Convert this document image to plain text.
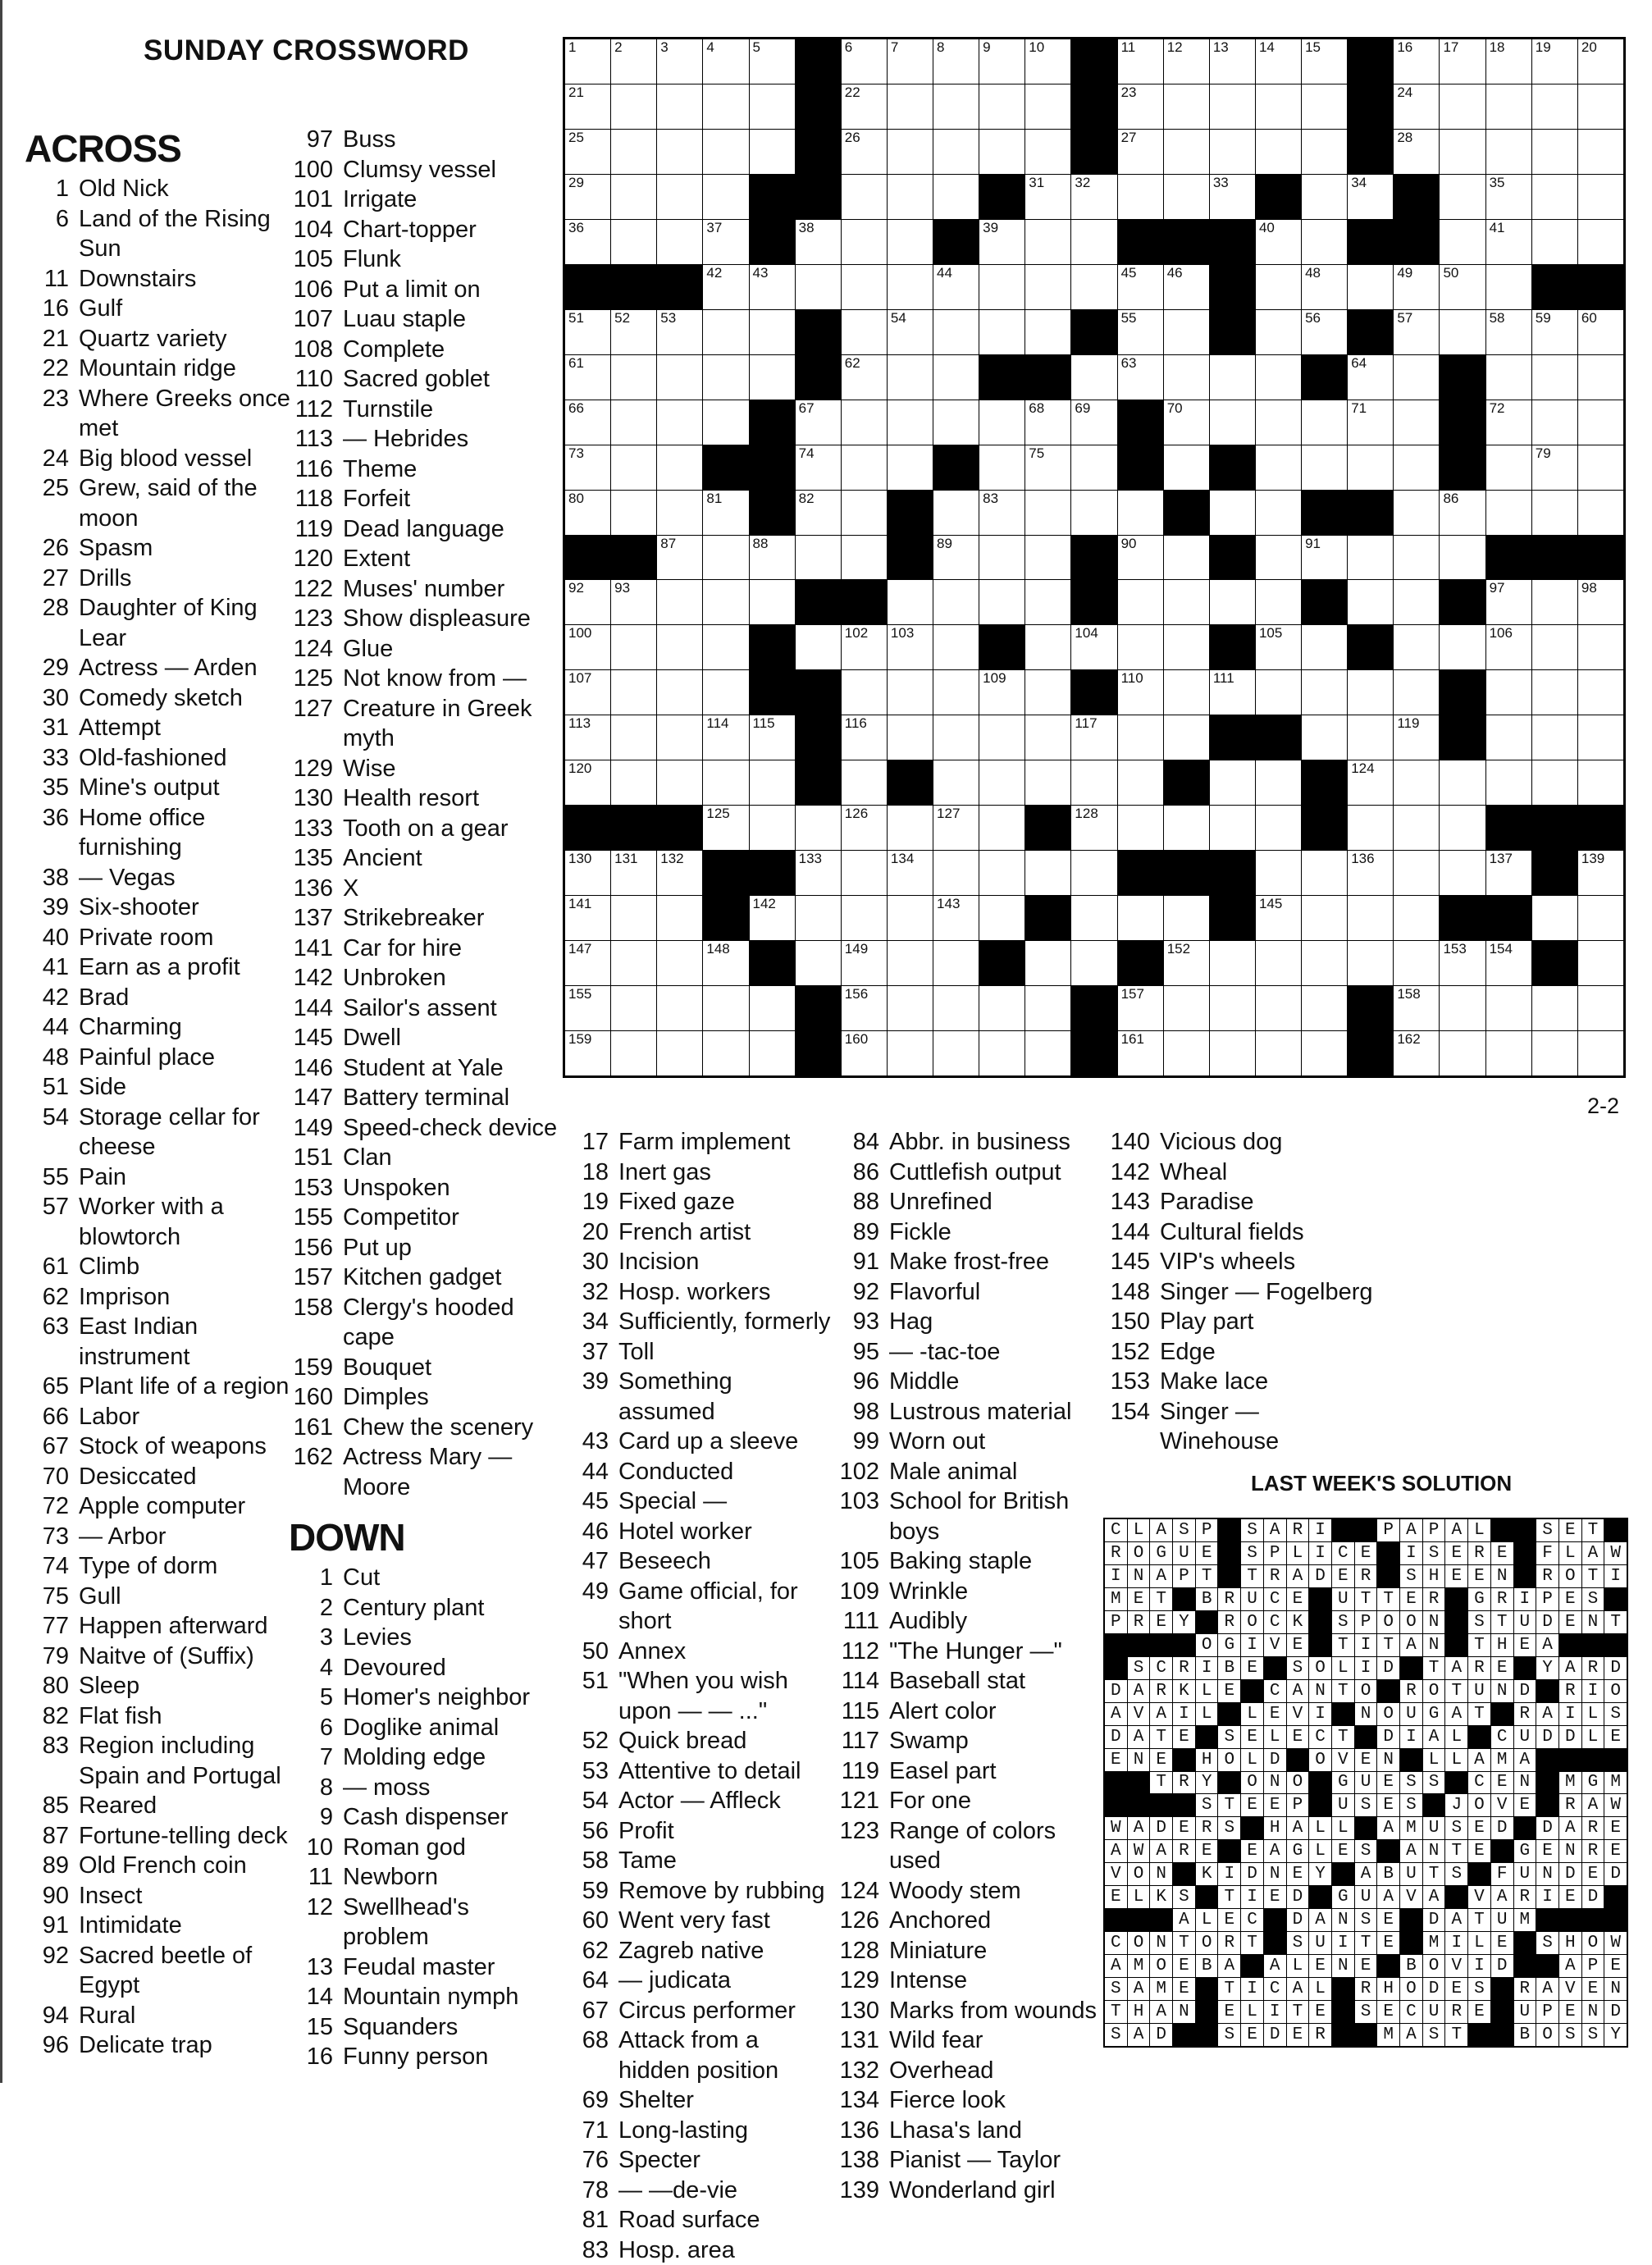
SUNDAY CROSSWORD
ACROSS
1 Old Nick
6 Land of the Rising Sun
11 Downstairs
16 Gulf
21 Quartz variety
22 Mountain ridge
23 Where Greeks once met
24 Big blood vessel
25 Grew, said of the moon
26 Spasm
27 Drills
28 Daughter of King Lear
29 Actress — Arden
30 Comedy sketch
31 Attempt
33 Old-fashioned
35 Mine's output
36 Home office furnishing
38 — Vegas
39 Six-shooter
40 Private room
41 Earn as a profit
42 Brad
44 Charming
48 Painful place
51 Side
54 Storage cellar for cheese
55 Pain
57 Worker with a blowtorch
61 Climb
62 Imprison
63 East Indian instrument
65 Plant life of a region
66 Labor
67 Stock of weapons
70 Desiccated
72 Apple computer
73 — Arbor
74 Type of dorm
75 Gull
77 Happen afterward
79 Naitve of (Suffix)
80 Sleep
82 Flat fish
83 Region including Spain and Portugal
85 Reared
87 Fortune-telling deck
89 Old French coin
90 Insect
91 Intimidate
92 Sacred beetle of Egypt
94 Rural
96 Delicate trap
97 Buss
100 Clumsy vessel
101 Irrigate
104 Chart-topper
105 Flunk
106 Put a limit on
107 Luau staple
108 Complete
110 Sacred goblet
112 Turnstile
113 — Hebrides
116 Theme
118 Forfeit
119 Dead language
120 Extent
122 Muses' number
123 Show displeasure
124 Glue
125 Not know from —
127 Creature in Greek myth
129 Wise
130 Health resort
133 Tooth on a gear
135 Ancient
136 X
137 Strikebreaker
141 Car for hire
142 Unbroken
144 Sailor's assent
145 Dwell
146 Student at Yale
147 Battery terminal
149 Speed-check device
151 Clan
153 Unspoken
155 Competitor
156 Put up
157 Kitchen gadget
158 Clergy's hooded cape
159 Bouquet
160 Dimples
161 Chew the scenery
162 Actress Mary — Moore
DOWN
1 Cut
2 Century plant
3 Levies
4 Devoured
5 Homer's neighbor
6 Doglike animal
7 Molding edge
8 — moss
9 Cash dispenser
10 Roman god
11 Newborn
12 Swellhead's problem
13 Feudal master
14 Mountain nymph
15 Squanders
16 Funny person
1	2	3	4	5	6	7	8	9	10	11 12 13 14 15	16 17 18 19 20
21	22	23	24
25	26	27	28
29	31 32	33	34	35
36	37	38	39	40	41
42 43	44	45 46	48	49 50
51 52 53	54	55	56	57	58 59 60
61	62	63	64
66	67	68 69	70	71	72
73	74	75	79
80	81	82	83	86
87	88	89	90	91
92 93	97	98
100	102 103	104	105	106
107	109	110	111
113	114 115	116	117	119
120	124
125	126	127	128
130 131 132	133	134	136	137	139
141	142	143	145
147	148	149	152	153 154
155	156	157	158
159	160	161	162
2-2
17 Farm implement
18 Inert gas
19 Fixed gaze
20 French artist
30 Incision
32 Hosp. workers
34 Sufficiently, formerly
37 Toll
39 Something assumed
43 Card up a sleeve
44 Conducted
45 Special —
46 Hotel worker
47 Beseech
49 Game official, for short
50 Annex
51 "When you wish upon — — ..."
52 Quick bread
53 Attentive to detail
54 Actor — Affleck
56 Profit
58 Tame
59 Remove by rubbing
60 Went very fast
62 Zagreb native
64 — judicata
67 Circus performer
68 Attack from a hidden position
69 Shelter
71 Long-lasting
76 Specter
78 — —de-vie
81 Road surface
83 Hosp. area
84 Abbr. in business
86 Cuttlefish output
88 Unrefined
89 Fickle
91 Make frost-free
92 Flavorful
93 Hag
95 — -tac-toe
96 Middle
98 Lustrous material
99 Worn out
102 Male animal
103 School for British boys
105 Baking staple
109 Wrinkle
111 Audibly
112 "The Hunger —"
114 Baseball stat
115 Alert color
117 Swamp
119 Easel part
121 For one
123 Range of colors used
124 Woody stem
126 Anchored
128 Miniature
129 Intense
130 Marks from wounds
131 Wild fear
132 Overhead
134 Fierce look
136 Lhasa's land
138 Pianist — Taylor
139 Wonderland girl
140 Vicious dog
142 Wheal
143 Paradise
144 Cultural fields
145 VIP's wheels
148 Singer — Fogelberg
150 Play part
152 Edge
153 Make lace
154 Singer — Winehouse
LAST WEEK'S SOLUTION
C L A S P	S A R I	P A P A L	S E T
R O G U E	S P L I C E	I S E R E	F L A W
I N A P T	T R A D E R	S H E E N	R O T I
M E T	B R U C E	U T T E R	G R I P E S
P R E Y	R O C K	S P O O N	S T U D E N T
O G I V E	T I T A N	T H E A
S C R I B E	S O L I D	T A R E	Y A R D
D A R K L E	C A N T O	R O T U N D	R I O
A V A I L	L E V I	N O U G A T	R A I L S
D A T E	S E L E C T	D I A L	C U D D L E
E N E	H O L D	O V E N	L L A M A
T R Y	O N O	G U E S S	C E N	M G M
S T E E P	U S E S	J O V E	R A W
W A D E R S	H A L L	A M U S E D	D A R E
A W A R E	E A G L E S	A N T E	G E N R E
V O N	K I D N E Y	A B U T S	F U N D E D
E L K S	T I E D	G U A V A	V A R I E D
A L E C	D A N S E	D A T U M
C O N T O R T	S U I T E	M I L E	S H O W
A M O E B A	A L E N E	B O V I D	A P E
S A M E	T I C A L	R H O D E S	R A V E N
T H A N	E L I T E	S E C U R E	U P E N D
S A D	S E D E R	M A S T	B O S S Y
